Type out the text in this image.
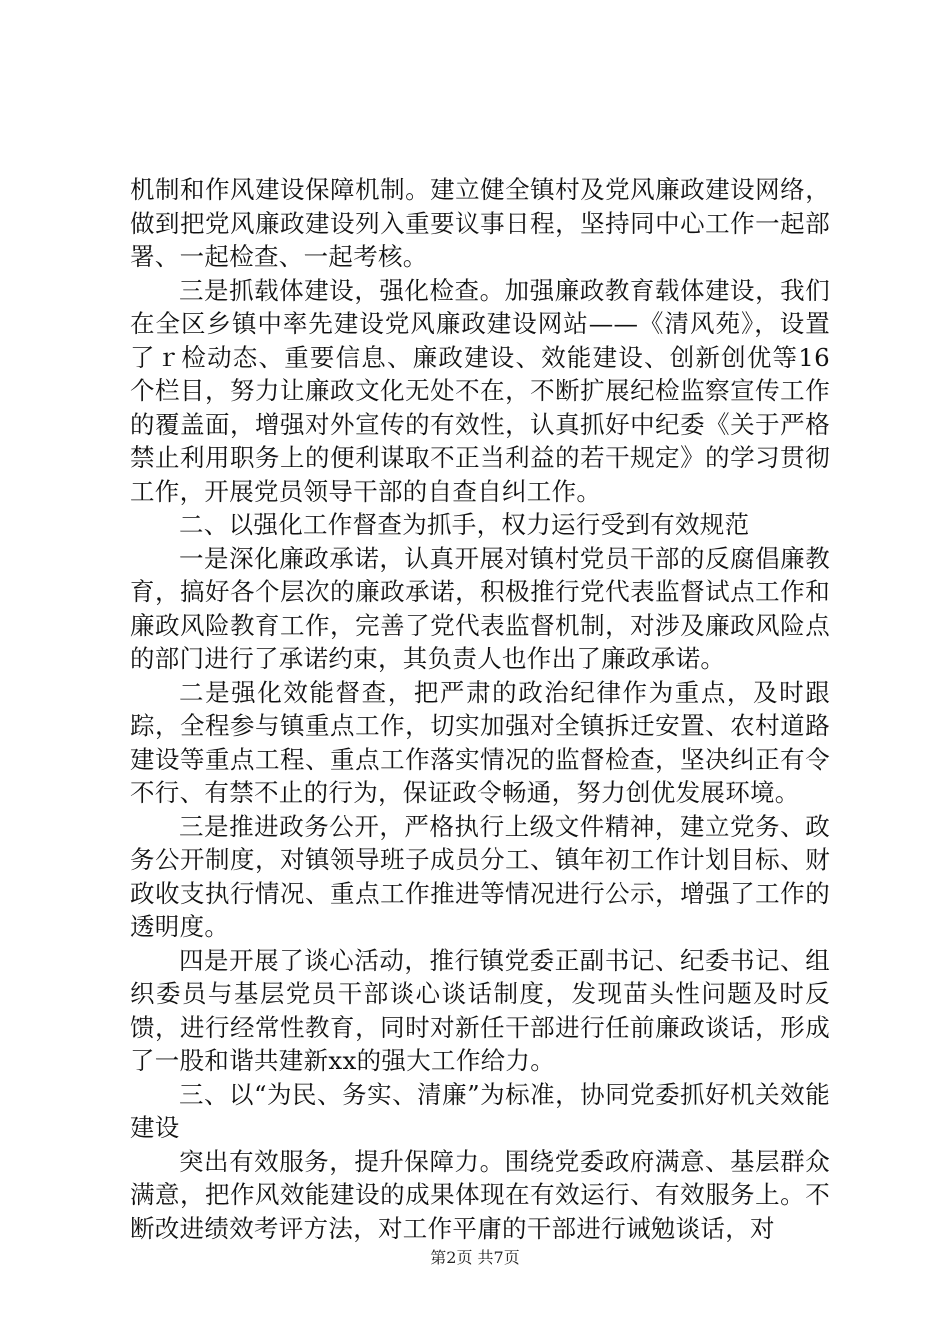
机制和作风建设保障机制。建立健全镇村及党风廉政建设网络，做到把党风廉政建设列入重要议事日程，坚持同中心工作一起部署、一起检查、一起考核。

三是抓载体建设，强化检查。加强廉政教育载体建设，我们在全区乡镇中率先建设党风廉政建设网站——《清风苑》，设置了ｒ检动态、重要信息、廉政建设、效能建设、创新创优等16个栏目，努力让廉政文化无处不在，不断扩展纪检监察宣传工作的覆盖面，增强对外宣传的有效性，认真抓好中纪委《关于严格禁止利用职务上的便利谋取不正当利益的若干规定》的学习贯彻工作，开展党员领导干部的自查自纠工作。

二、以强化工作督查为抓手，权力运行受到有效规范

一是深化廉政承诺，认真开展对镇村党员干部的反腐倡廉教育，搞好各个层次的廉政承诺，积极推行党代表监督试点工作和廉政风险教育工作，完善了党代表监督机制，对涉及廉政风险点的部门进行了承诺约束，其负责人也作出了廉政承诺。

二是强化效能督查，把严肃的政治纪律作为重点，及时跟踪，全程参与镇重点工作，切实加强对全镇拆迁安置、农村道路建设等重点工程、重点工作落实情况的监督检查，坚决纠正有令不行、有禁不止的行为，保证政令畅通，努力创优发展环境。

三是推进政务公开，严格执行上级文件精神，建立党务、政务公开制度，对镇领导班子成员分工、镇年初工作计划目标、财政收支执行情况、重点工作推进等情况进行公示，增强了工作的透明度。

四是开展了谈心活动，推行镇党委正副书记、纪委书记、组织委员与基层党员干部谈心谈话制度，发现苗头性问题及时反馈，进行经常性教育，同时对新任干部进行任前廉政谈话，形成了一股和谐共建新xx的强大工作给力。

三、以“为民、务实、清廉”为标准，协同党委抓好机关效能建设

突出有效服务，提升保障力。围绕党委政府满意、基层群众满意，把作风效能建设的成果体现在有效运行、有效服务上。不断改进绩效考评方法，对工作平庸的干部进行诫勉谈话，对

第2页 共7页
